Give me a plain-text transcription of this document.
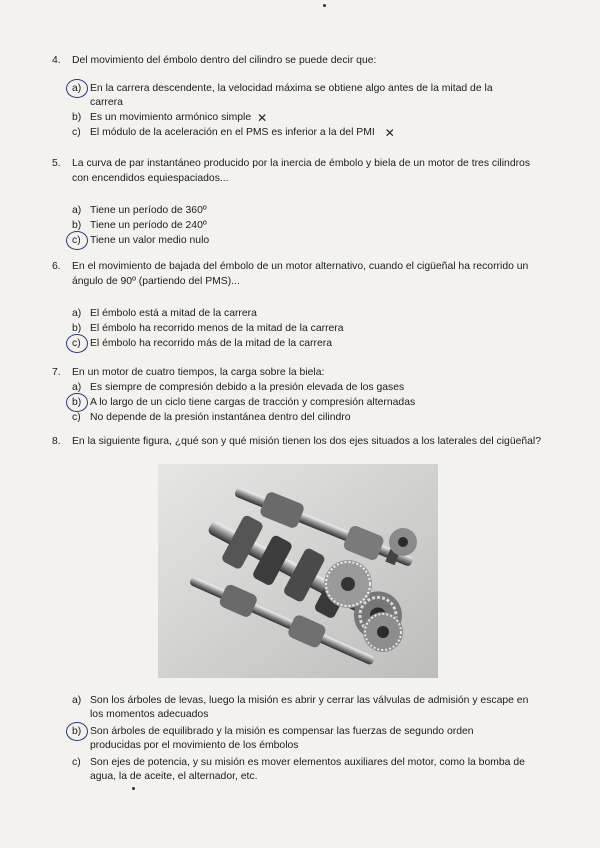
4.	Del movimiento del émbolo dentro del cilindro se puede decir que:
a) En la carrera descendente, la velocidad máxima se obtiene algo antes de la mitad de la carrera
b) Es un movimiento armónico simple ✕
c) El módulo de la aceleración en el PMS es inferior a la del PMI ✕
5.	La curva de par instantáneo producido por la inercia de émbolo y biela de un motor de tres cilindros con encendidos equiespaciados...
a) Tiene un período de 360º
b) Tiene un período de 240º
c) Tiene un valor medio nulo
6.	En el movimiento de bajada del émbolo de un motor alternativo, cuando el cigüeñal ha recorrido un ángulo de 90º (partiendo del PMS)...
a) El émbolo está a mitad de la carrera
b) El émbolo ha recorrido menos de la mitad de la carrera
c) El émbolo ha recorrido más de la mitad de la carrera
7.	En un motor de cuatro tiempos, la carga sobre la biela:
a) Es siempre de compresión debido a la presión elevada de los gases
b) A lo largo de un ciclo tiene cargas de tracción y compresión alternadas
c) No depende de la presión instantánea dentro del cilindro
8.	En la siguiente figura, ¿qué son y qué misión tienen los dos ejes situados a los laterales del cigüeñal?
a) Son los árboles de levas, luego la misión es abrir y cerrar las válvulas de admisión y escape en los momentos adecuados
b) Son árboles de equilibrado y la misión es compensar las fuerzas de segundo orden producidas por el movimiento de los émbolos
c) Son ejes de potencia, y su misión es mover elementos auxiliares del motor, como la bomba de agua, la de aceite, el alternador, etc.
